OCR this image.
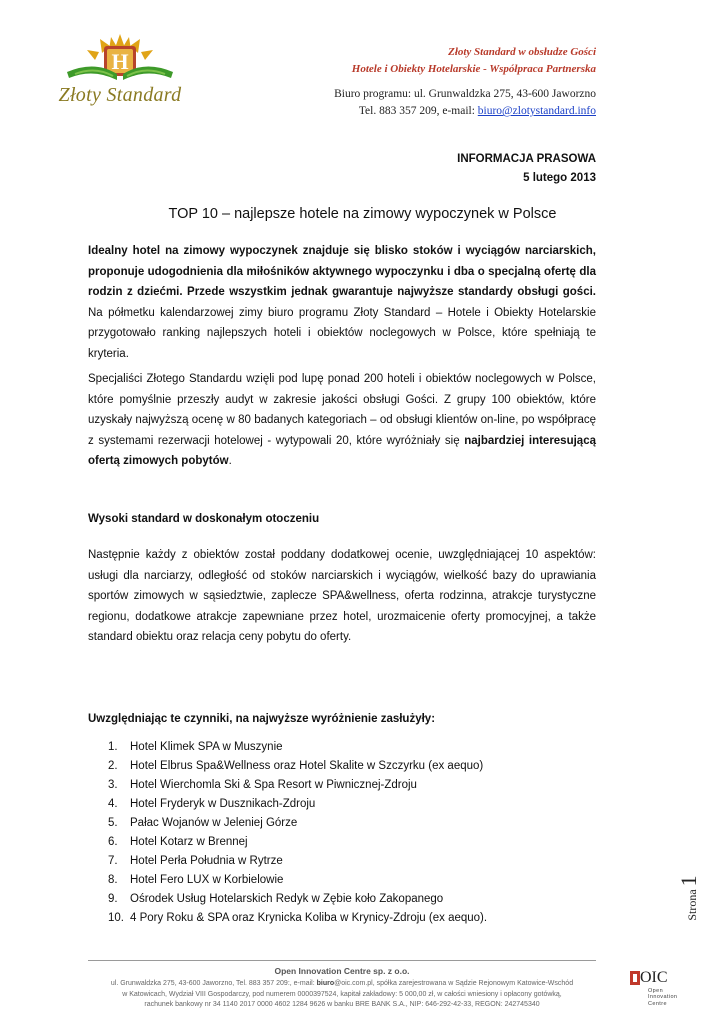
H
Złoty Standard
Złoty Standard w obsłudze Gości
Hotele i Obiekty Hotelarskie - Współpraca Partnerska
Biuro programu: ul. Grunwaldzka 275, 43-600 Jaworzno
Tel. 883 357 209, e-mail: biuro@zlotystandard.info
INFORMACJA PRASOWA
5 lutego 2013
TOP 10 – najlepsze hotele na zimowy wypoczynek w Polsce
Idealny hotel na zimowy wypoczynek znajduje się blisko stoków i wyciągów narciarskich, proponuje udogodnienia dla miłośników aktywnego wypoczynku i dba o specjalną ofertę dla rodzin z dziećmi. Przede wszystkim jednak gwarantuje najwyższe standardy obsługi gości. Na półmetku kalendarzowej zimy biuro programu Złoty Standard – Hotele i Obiekty Hotelarskie przygotowało ranking najlepszych hoteli i obiektów noclegowych w Polsce, które spełniają te kryteria.
Specjaliści Złotego Standardu wzięli pod lupę ponad 200 hoteli i obiektów noclegowych w Polsce, które pomyślnie przeszły audyt w zakresie jakości obsługi Gości. Z grupy 100 obiektów, które uzyskały najwyższą ocenę w 80 badanych kategoriach – od obsługi klientów on-line, po współpracę z systemami rezerwacji hotelowej - wytypowali 20, które wyróżniały się najbardziej interesującą ofertą zimowych pobytów.
Wysoki standard w doskonałym otoczeniu
Następnie każdy z obiektów został poddany dodatkowej ocenie, uwzględniającej 10 aspektów: usługi dla narciarzy, odległość od stoków narciarskich i wyciągów, wielkość bazy do uprawiania sportów zimowych w sąsiedztwie, zaplecze SPA&wellness, oferta rodzinna, atrakcje turystyczne regionu, dodatkowe atrakcje zapewniane przez hotel, urozmaicenie oferty promocyjnej, a także standard obiektu oraz relacja ceny pobytu do oferty.
Uwzględniając te czynniki, na najwyższe wyróżnienie zasłużyły:
1. Hotel Klimek SPA w Muszynie
2. Hotel Elbrus Spa&Wellness oraz Hotel Skalite w Szczyrku (ex aequo)
3. Hotel Wierchomla Ski & Spa Resort w Piwnicznej-Zdroju
4. Hotel Fryderyk w Dusznikach-Zdroju
5. Pałac Wojanów w Jeleniej Górze
6. Hotel Kotarz w Brennej
7. Hotel Perła Południa w Rytrze
8. Hotel Fero LUX w Korbielowie
9. Ośrodek Usług Hotelarskich Redyk w Zębie koło Zakopanego
10. 4 Pory Roku & SPA oraz Krynicka Koliba w Krynicy-Zdroju (ex aequo).	Strona1
Open Innovation Centre sp. z o.o.
ul. Grunwaldzka 275, 43-600 Jaworzno, Tel. 883 357 209:, e-mail: biuro@oic.com.pl, spółka zarejestrowana w Sądzie Rejonowym Katowice-Wschód
w Katowicach, Wydział VIII Gospodarczy, pod numerem 0000397524, kapitał zakładowy: 5 000,00 zł, w całości wniesiony i opłacony gotówką,
rachunek bankowy nr 34 1140 2017 0000 4602 1284 9626 w banku BRE BANK S.A., NIP: 646-292-42-33, REGON: 242745340
OIC
Open
Innovation
Centre
